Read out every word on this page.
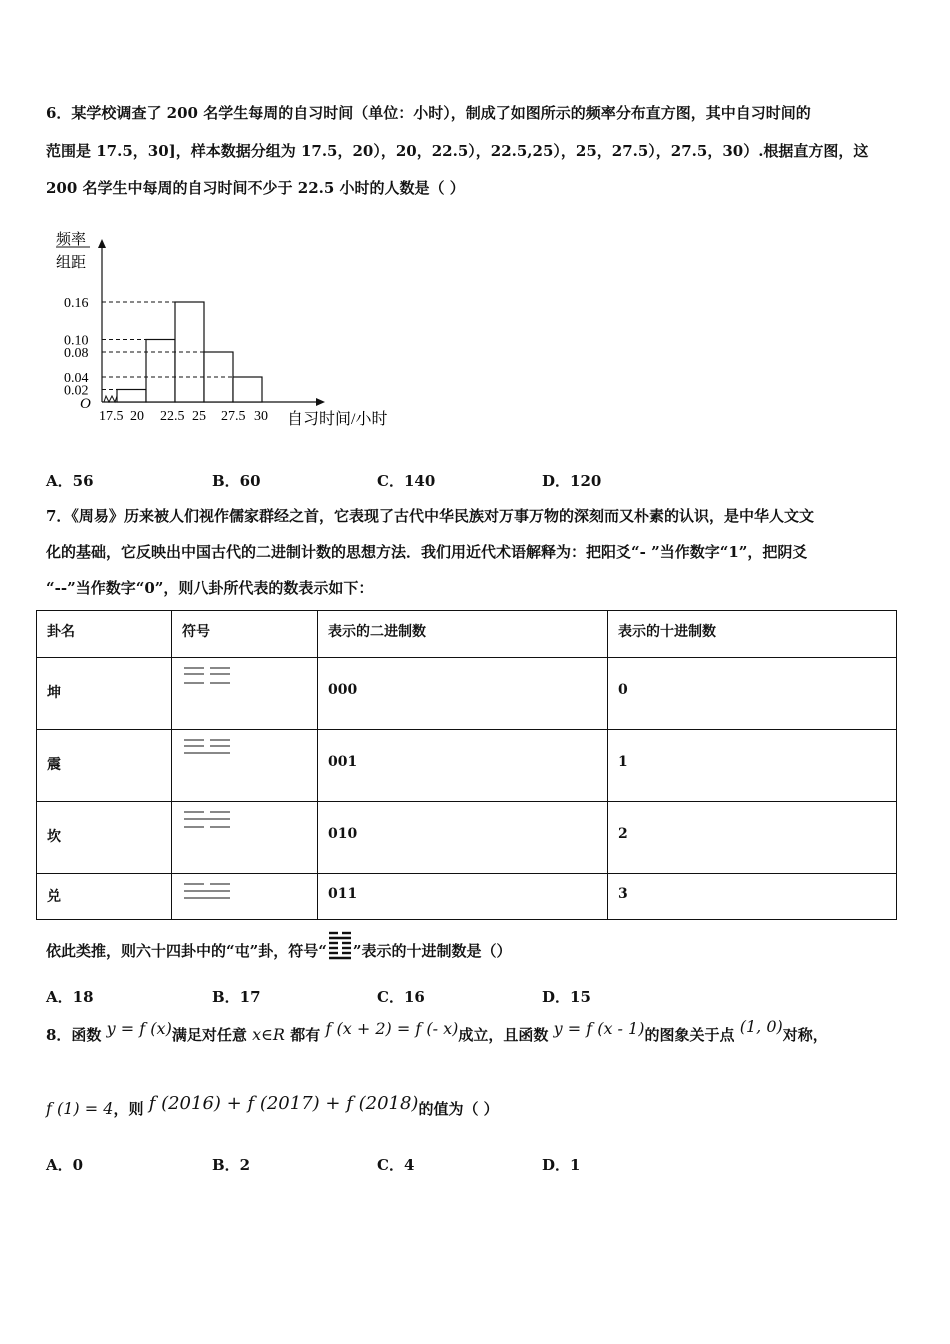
6．某学校调查了 200 名学生每周的自习时间（单位：小时），制成了如图所示的频率分布直方图，其中自习时间的
范围是 17.5，30]，样本数据分组为 17.5，20），20，22.5），22.5,25），25，27.5），27.5，30）.根据直方图，这
200 名学生中每周的自习时间不少于 22.5 小时的人数是（ ）
频率
组距
0.16
0.10
0.08
0.04
0.02
17.5 20 22.5 25 27.5 30
O
自习时间/小时
A．56	B．60	C．140	D．120
7．《周易》历来被人们视作儒家群经之首，它表现了古代中华民族对万事万物的深刻而又朴素的认识，是中华人文文
化的基础，它反映出中国古代的二进制计数的思想方法．我们用近代术语解释为：把阳爻“- ”当作数字“1”，把阴爻
“--”当作数字“0”，则八卦所代表的数表示如下：
卦名	符号	表示的二进制数	表示的十进制数
坤		000	0
震		001	1
坎		010	2
兑		011	3
依此类推，则六十四卦中的“屯”卦，符号“ ”表示的十进制数是（）
A．18	B．17	C．16	D．15
8．函数 y = f (x)满足对任意 x∈R 都有 f (x + 2) = f (- x)成立，且函数 y = f (x - 1)的图象关于点 (1, 0)对称，
f (1) = 4，则 f (2016) + f (2017) + f (2018)的值为（ ）
A．0	B．2	C．4	D．1
